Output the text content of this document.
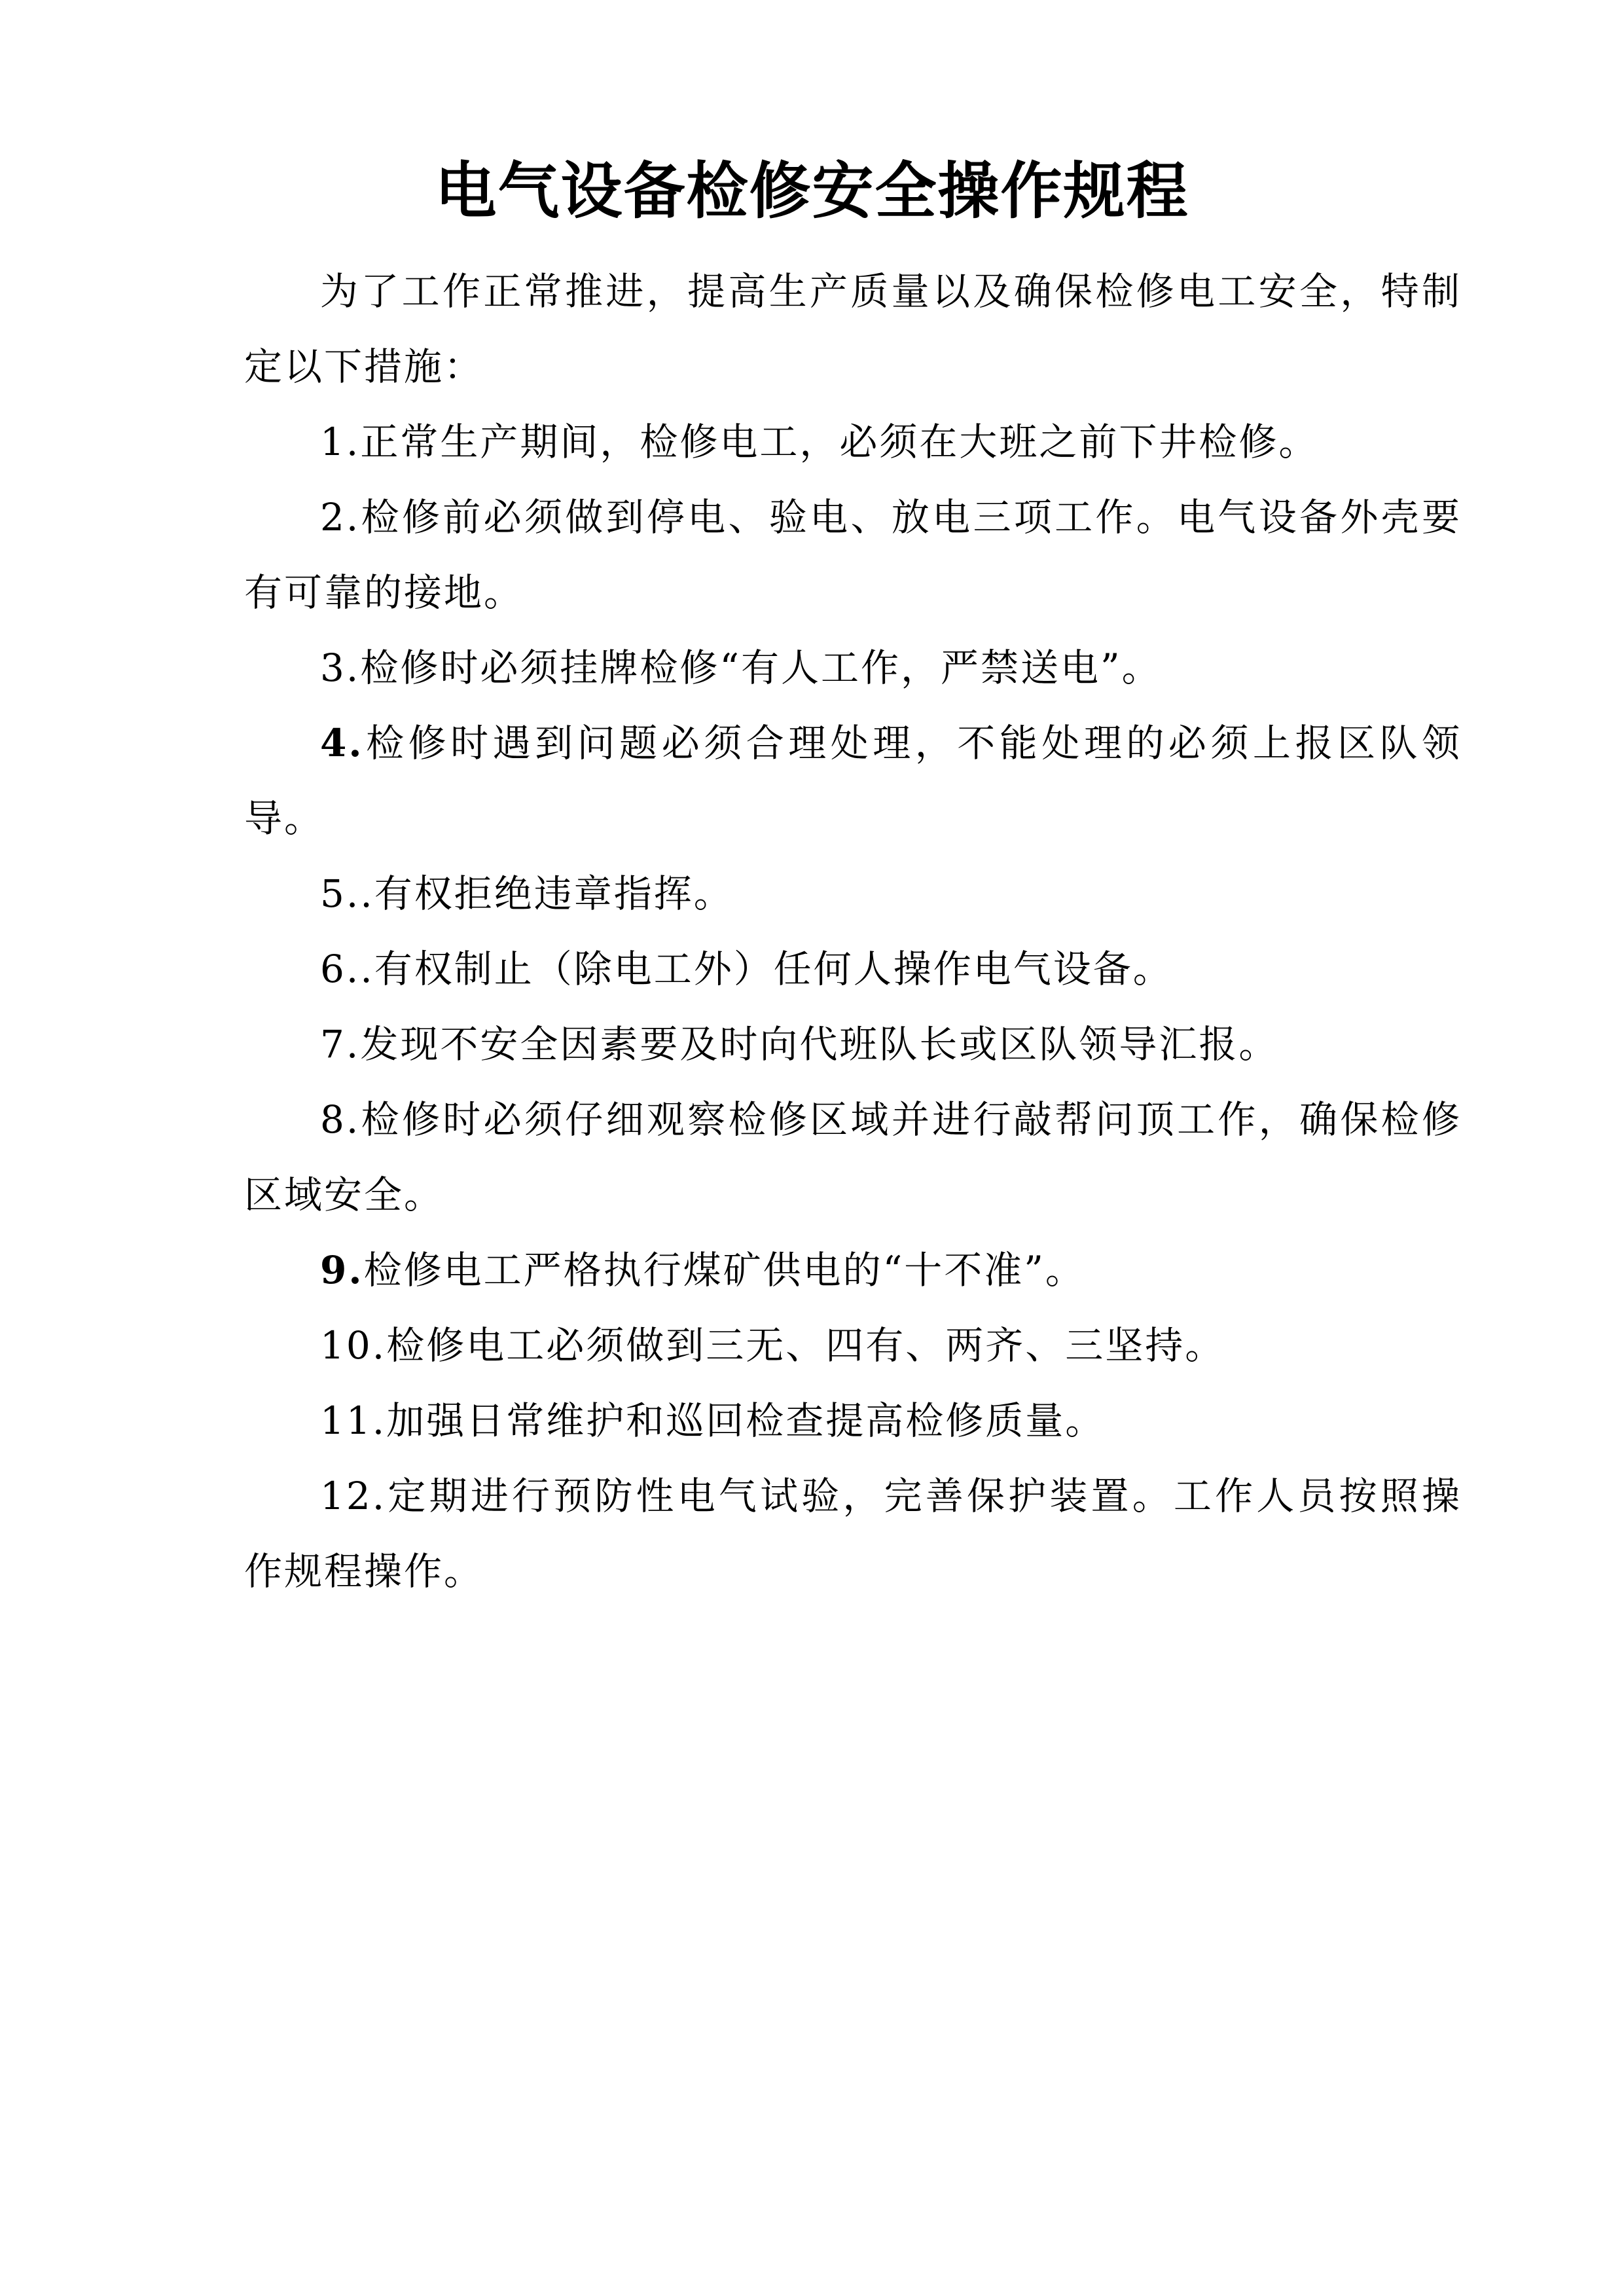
电气设备检修安全操作规程

为了工作正常推进，提高生产质量以及确保检修电工安全，特制定以下措施：

1.正常生产期间，检修电工，必须在大班之前下井检修。

2.检修前必须做到停电、验电、放电三项工作。电气设备外壳要有可靠的接地。

3.检修时必须挂牌检修“有人工作，严禁送电”。

4.检修时遇到问题必须合理处理，不能处理的必须上报区队领导。

5..有权拒绝违章指挥。

6..有权制止（除电工外）任何人操作电气设备。

7.发现不安全因素要及时向代班队长或区队领导汇报。

8.检修时必须仔细观察检修区域并进行敲帮问顶工作，确保检修区域安全。

9.检修电工严格执行煤矿供电的“十不准”。

10.检修电工必须做到三无、四有、两齐、三坚持。

11.加强日常维护和巡回检查提高检修质量。

12.定期进行预防性电气试验，完善保护装置。工作人员按照操作规程操作。
